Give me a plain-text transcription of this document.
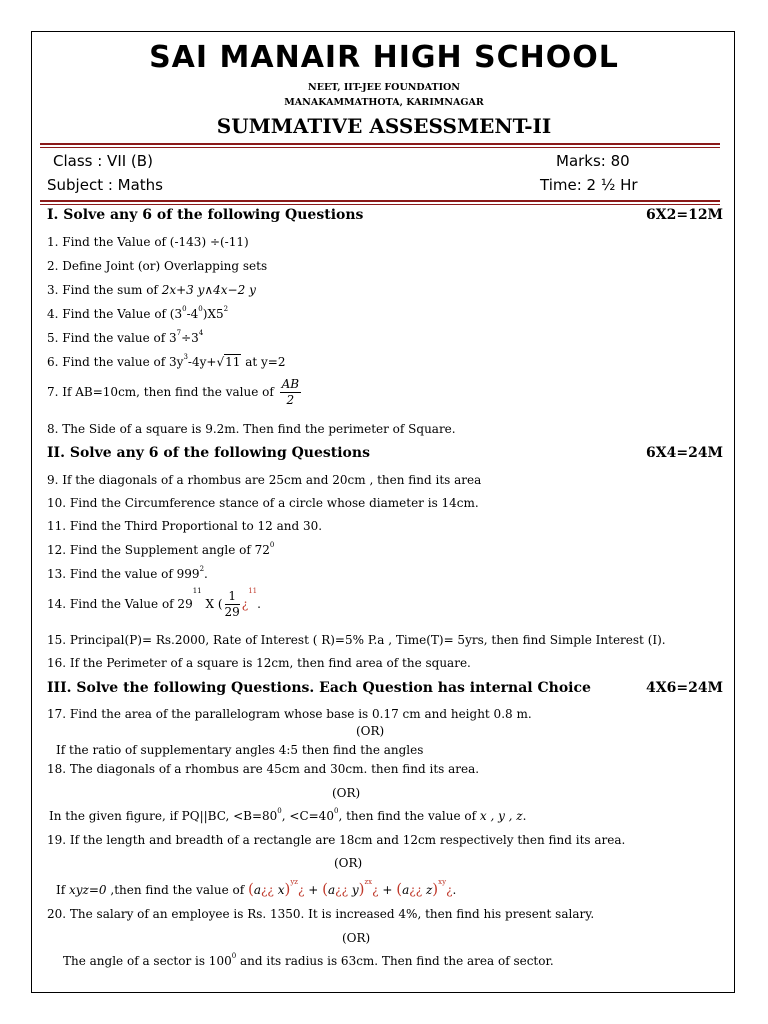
SAI MANAIR HIGH SCHOOL
NEET, IIT-JEE FOUNDATION
MANAKAMMATHOTA, KARIMNAGAR
SUMMATIVE ASSESSMENT-II
Class : VII (B)	Marks: 80
Subject : Maths	Time: 2 ½ Hr
I. Solve any 6 of the following Questions	6X2=12M
1. Find the Value of (-143) ÷(-11)
2. Define Joint (or) Overlapping sets
3. Find the sum of 2x+3 y∧4x−2 y
4. Find the Value of $(3^0-4^0)X5^2$
5. Find the value of $3^7\div 3^4$
6. Find the value of $3y^3-4y+√11$ at y=2
7. If AB=10cm, then find the value of $\frac{AB}{2}$
8. The Side of a square is 9.2m. Then find the perimeter of Square.
II. Solve any 6 of the following Questions	6X4=24M
9. If the diagonals of a rhombus are 25cm and 20cm , then find its area
10. Find the Circumference stance of a circle whose diameter is 14cm.
11. Find the Third Proportional to 12 and 30.
12. Find the Supplement angle of $72^0$
13. Find the value of $999^2$.
14. Find the Value of $29^{11}$ X ( $\frac{1}{29}$ ¿$^{11}$.
15. Principal(P)= Rs.2000, Rate of Interest ( R)=5% P.a , Time(T)= 5yrs, then find Simple Interest (I).
16. If the Perimeter of a square is 12cm, then find area of the square.
III. Solve the following Questions. Each Question has internal Choice	4X6=24M
17. Find the area of the parallelogram whose base is 0.17 cm and height 0.8 m.
(OR)
If the ratio of supplementary angles 4:5 then find the angles
18. The diagonals of a rhombus are 45cm and 30cm. then find its area.
(OR)
In the given figure, if PQ||BC, $<B=80^0$, $<C=40^0$, then find the value of x , y , z.
19. If the length and breadth of a rectangle are 18cm and 12cm respectively then find its area.
(OR)
If xyz=0 ,then find the value of (a¿¿ x)$^{yz}$¿ + (a¿¿ y)$^{zx}$¿ + (a¿¿ z)$^{xy}$¿.
20. The salary of an employee is Rs. 1350. It is increased 4%, then find his present salary.
(OR)
The angle of a sector is $100^0$ and its radius is 63cm. Then find the area of sector.
